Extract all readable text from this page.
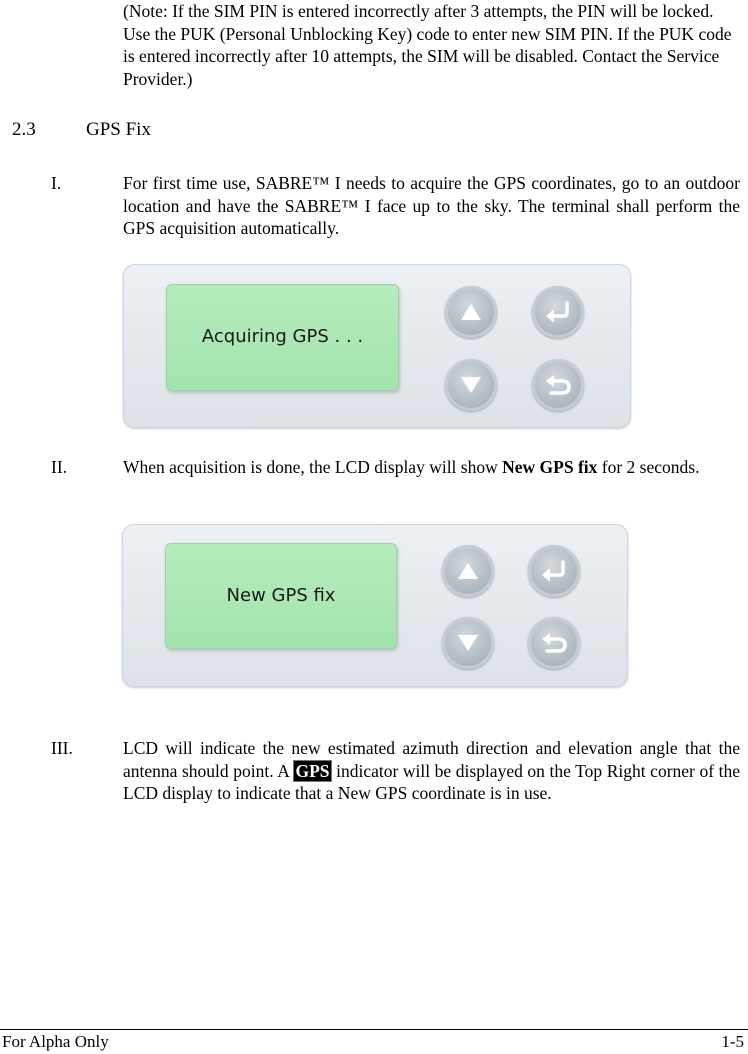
(Note: If the SIM PIN is entered incorrectly after 3 attempts, the PIN will be locked. Use the PUK (Personal Unblocking Key) code to enter new SIM PIN. If the PUK code is entered incorrectly after 10 attempts, the SIM will be disabled. Contact the Service Provider.)
2.3	GPS Fix
I.	For first time use, SABRE™ I needs to acquire the GPS coordinates, go to an outdoor location and have the SABRE™ I face up to the sky. The terminal shall perform the GPS acquisition automatically.
Acquiring GPS . . .
II.	When acquisition is done, the LCD display will show New GPS fix for 2 seconds.
New GPS fix
III.	LCD will indicate the new estimated azimuth direction and elevation angle that the antenna should point. A GPS indicator will be displayed on the Top Right corner of the LCD display to indicate that a New GPS coordinate is in use.
For Alpha Only	1-5
